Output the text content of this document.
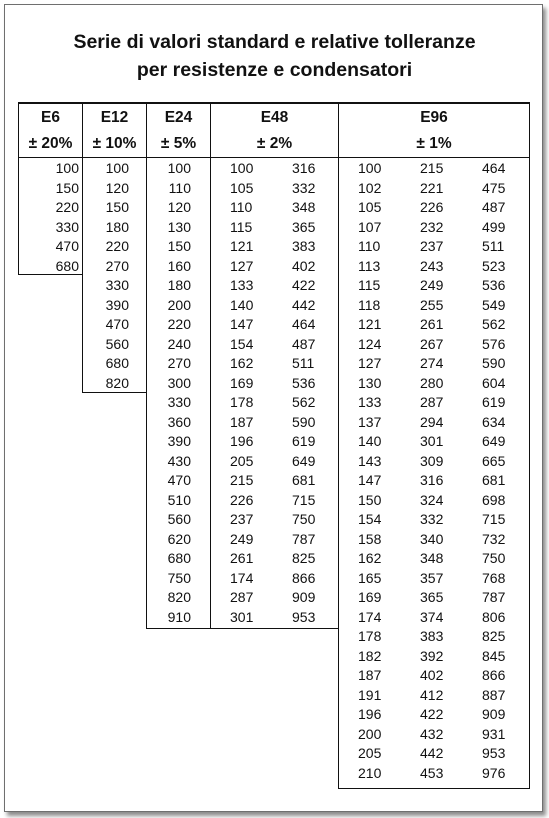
Serie di valori standard e relative tolleranze
per resistenze e condensatori
E6
± 20%
E12
± 10%
E24
± 5%
E48
± 2%
E96
± 1%
100
150
220
330
470
680
100
120
150
180
220
270
330
390
470
560
680
820
100
110
120
130
150
160
180
200
220
240
270
300
330
360
390
430
470
510
560
620
680
750
820
910
100
105
110
115
121
127
133
140
147
154
162
169
178
187
196
205
215
226
237
249
261
174
287
301
316
332
348
365
383
402
422
442
464
487
511
536
562
590
619
649
681
715
750
787
825
866
909
953
100
102
105
107
110
113
115
118
121
124
127
130
133
137
140
143
147
150
154
158
162
165
169
174
178
182
187
191
196
200
205
210
215
221
226
232
237
243
249
255
261
267
274
280
287
294
301
309
316
324
332
340
348
357
365
374
383
392
402
412
422
432
442
453
464
475
487
499
511
523
536
549
562
576
590
604
619
634
649
665
681
698
715
732
750
768
787
806
825
845
866
887
909
931
953
976
